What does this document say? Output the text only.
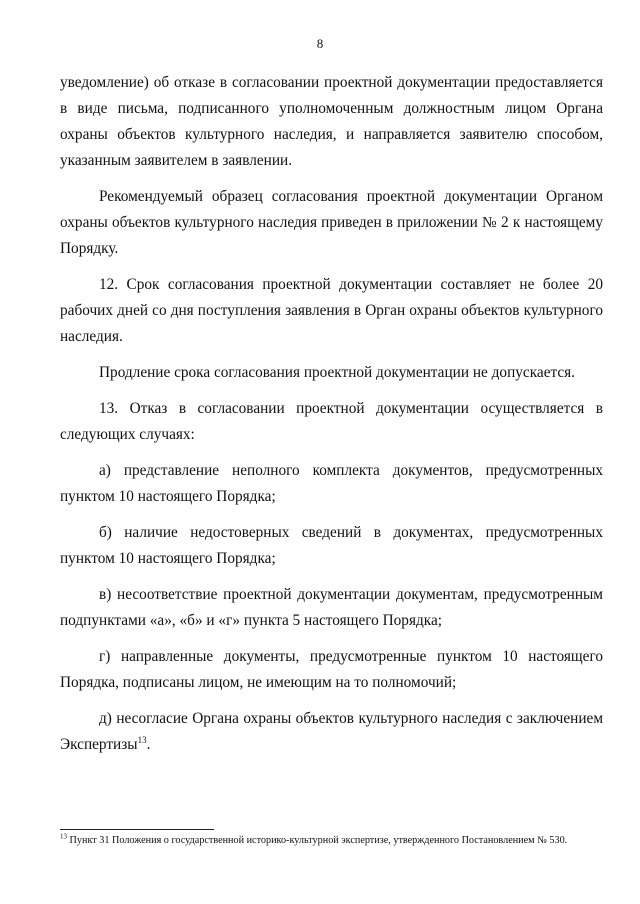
8

уведомление) об отказе в согласовании проектной документации предоставляется в виде письма, подписанного уполномоченным должностным лицом Органа охраны объектов культурного наследия, и направляется заявителю способом, указанным заявителем в заявлении.

Рекомендуемый образец согласования проектной документации Органом охраны объектов культурного наследия приведен в приложении № 2 к настоящему Порядку.

12. Срок согласования проектной документации составляет не более 20 рабочих дней со дня поступления заявления в Орган охраны объектов культурного наследия.

Продление срока согласования проектной документации не допускается.

13. Отказ в согласовании проектной документации осуществляется в следующих случаях:

а) представление неполного комплекта документов, предусмотренных пунктом 10 настоящего Порядка;

б) наличие недостоверных сведений в документах, предусмотренных пунктом 10 настоящего Порядка;

в) несоответствие проектной документации документам, предусмотренным подпунктами «а», «б» и «г» пункта 5 настоящего Порядка;

г) направленные документы, предусмотренные пунктом 10 настоящего Порядка, подписаны лицом, не имеющим на то полномочий;

д) несогласие Органа охраны объектов культурного наследия с заключением Экспертизы$^{13}$.

$^{13}$ Пункт 31 Положения о государственной историко-культурной экспертизе, утвержденного Постановлением № 530.
